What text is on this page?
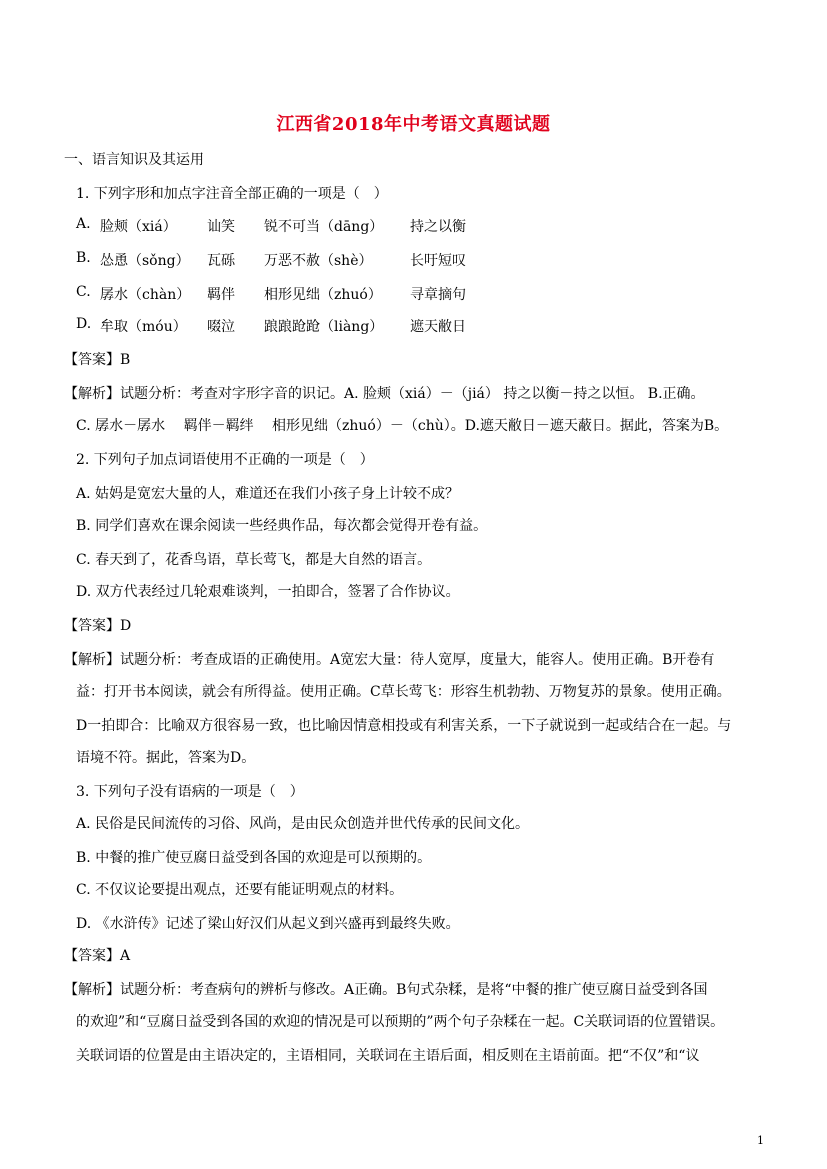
江西省2018年中考语文真题试题
一、语言知识及其运用
1. 下列字形和加点字注音全部正确的一项是（　）
A. 脸颊（xiá） 讪笑 锐不可当（dāng） 持之以衡
B. 怂恿（sǒng） 瓦砾 万恶不赦（shè）	长吁短叹
C. 孱水（chàn） 羁伴 相形见绌（zhuó） 寻章摘句
D. 牟取（móu） 啜泣 踉踉跄跄（liàng） 遮天敝日
【答案】B
【解析】试题分析：考查对字形字音的识记。A. 脸颊（xiá）－（jiá） 持之以衡－持之以恒。 B.正确。
C. 孱水－孱水　 羁伴－羁绊　 相形见绌（zhuó）－（chù）。D.遮天敝日－遮天蔽日。据此，答案为B。
2. 下列句子加点词语使用不正确的一项是（　）
A. 姑妈是宽宏大量的人，难道还在我们小孩子身上计较不成？
B. 同学们喜欢在课余阅读一些经典作品，每次都会觉得开卷有益。
C. 春天到了，花香鸟语，草长莺飞，都是大自然的语言。
D. 双方代表经过几轮艰难谈判，一拍即合，签署了合作协议。
【答案】D
【解析】试题分析：考查成语的正确使用。A宽宏大量：待人宽厚，度量大，能容人。使用正确。B开卷有
益：打开书本阅读，就会有所得益。使用正确。C草长莺飞：形容生机勃勃、万物复苏的景象。使用正确。
D一拍即合：比喻双方很容易一致，也比喻因情意相投或有利害关系，一下子就说到一起或结合在一起。与
语境不符。据此，答案为D。
3. 下列句子没有语病的一项是（　）
A. 民俗是民间流传的习俗、风尚，是由民众创造并世代传承的民间文化。
B. 中餐的推广使豆腐日益受到各国的欢迎是可以预期的。
C. 不仅议论要提出观点，还要有能证明观点的材料。
D. 《水浒传》记述了梁山好汉们从起义到兴盛再到最终失败。
【答案】A
【解析】试题分析：考查病句的辨析与修改。A正确。B句式杂糅，是将“中餐的推广使豆腐日益受到各国
的欢迎”和“豆腐日益受到各国的欢迎的情况是可以预期的”两个句子杂糅在一起。C关联词语的位置错误。
关联词语的位置是由主语决定的，主语相同，关联词在主语后面，相反则在主语前面。把“不仅”和“议
1
